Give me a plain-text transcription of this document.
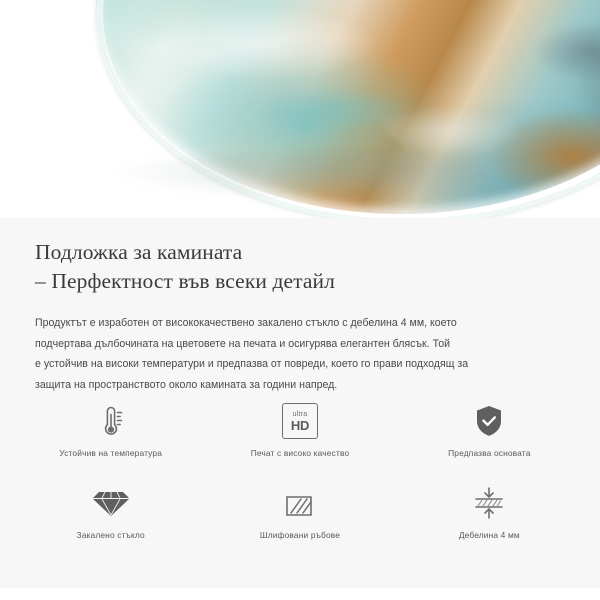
Подложка за камината
– Перфектност във всеки детайл
Продуктът е изработен от висококачествено закалено стъкло с дебелина 4 мм, което
подчертава дълбочината на цветовете на печата и осигурява елегантен блясък. Той
е устойчив на високи температури и предпазва от повреди, което го прави подходящ за
защита на пространството около камината за години напред.
Устойчив на температура
ultra
HD
Печат с високо качество	Предпазва основата
Закалено стъкло	Шлифовани ръбове	Дебелина 4 мм
